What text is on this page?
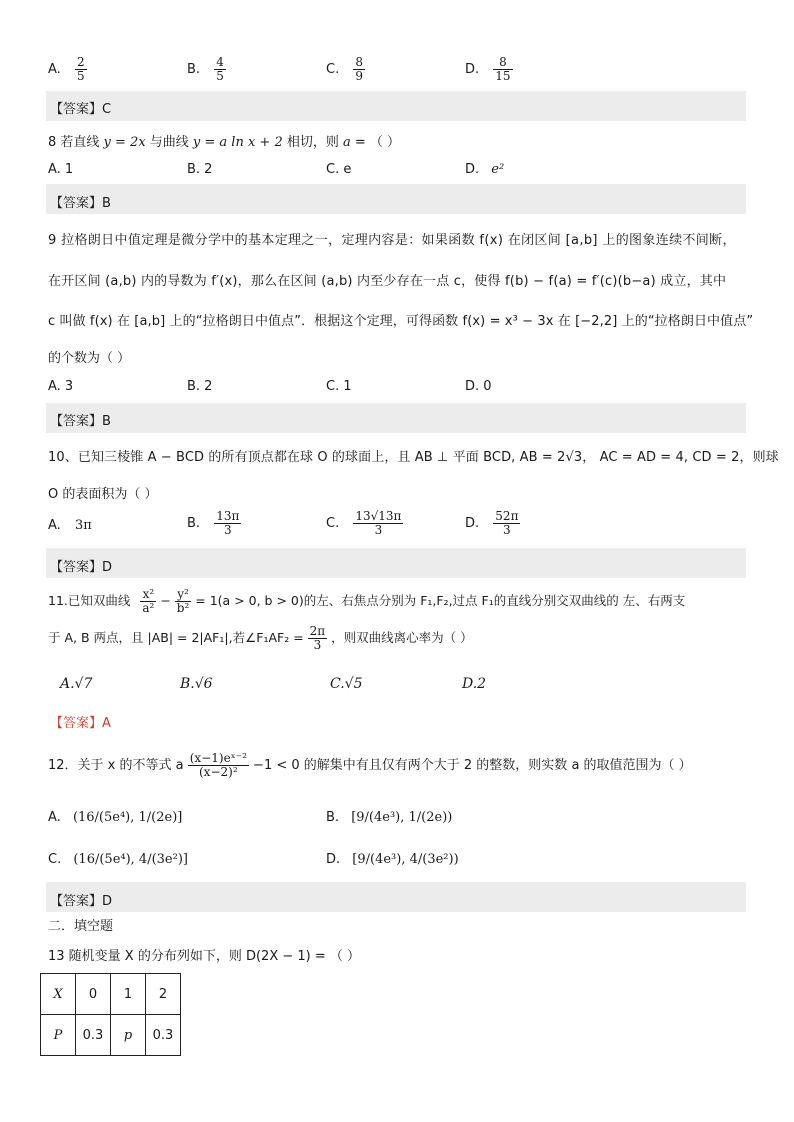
A. $\frac{2}{5}$	B. $\frac{4}{5}$	C. $\frac{8}{9}$	D. $\frac{8}{15}$
【答案】C
8 若直线 y = 2x 与曲线 y = a ln x + 2 相切，则 a = （ ）
A. 1	B. 2	C. e	D. e²
【答案】B
9 拉格朗日中值定理是微分学中的基本定理之一，定理内容是：如果函数 f(x) 在闭区间 [a,b] 上的图象连续不间断，
在开区间 (a,b) 内的导数为 f′(x)，那么在区间 (a,b) 内至少存在一点 c，使得 f(b) − f(a) = f′(c)(b−a) 成立，其中
c 叫做 f(x) 在 [a,b] 上的“拉格朗日中值点”．根据这个定理，可得函数 f(x) = x³ − 3x 在 [−2,2] 上的“拉格朗日中值点”
的个数为（ ）
A. 3	B. 2	C. 1	D. 0
【答案】B
10、已知三棱锥 A − BCD 的所有顶点都在球 O 的球面上，且 AB ⊥ 平面 BCD, AB = 2√3， AC = AD = 4, CD = 2，则球
O 的表面积为（ ）
A. 3π	B. $\frac{13\pi}{3}$	C. $\frac{13√13\pi}{3}$	D. $\frac{52\pi}{3}$
【答案】D
11.已知双曲线 $\frac{\text{x²}}{\text{a²}} - \frac{\text{y²}}{\text{b²}} = 1(a > 0$, b > 0)的左、右焦点分别为 F₁,F₂,过点 F₁的直线分别交双曲线的 左、右两支
于 A, B 两点，且 |AB| = 2|AF₁|,若∠F₁AF₂ = $\frac{2\pi}{3}$ ，则双曲线离心率为（ ）
A.√7	B.√6	C.√5	D.2
【答案】A
12．关于 x 的不等式 a $\frac{\text{(x−1)eˣ⁻²}}{\text{(x−2)²}} -1 < 0$ 的解集中有且仅有两个大于 2 的整数，则实数 a 的取值范围为（ ）
A. (16/(5e⁴), 1/(2e)]	B. [9/(4e³), 1/(2e))
C. (16/(5e⁴), 4/(3e²)]	D. [9/(4e³), 4/(3e²))
【答案】D
二．填空题
13 随机变量 X 的分布列如下，则 D(2X − 1) = （ ）
X	0	1	2
P	0.3	p	0.3
